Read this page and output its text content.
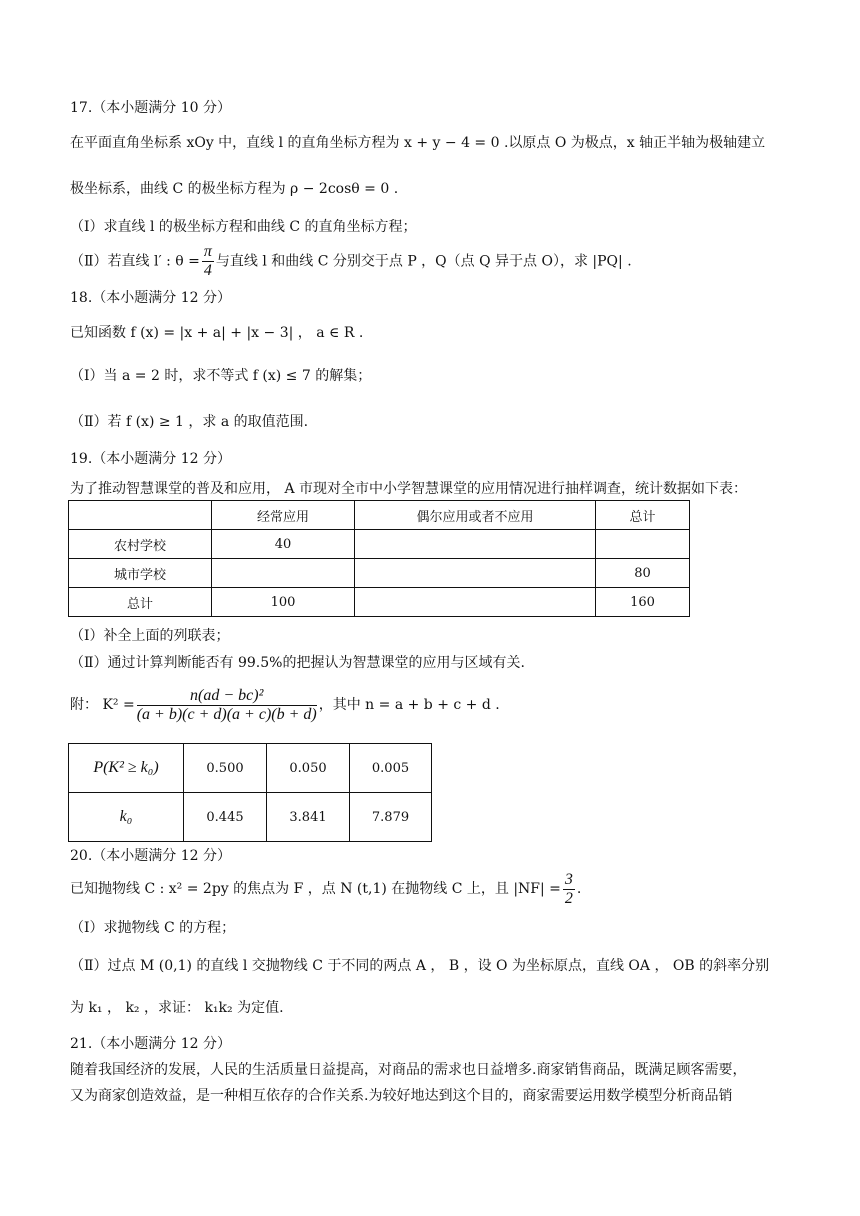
17.（本小题满分 10 分）
在平面直角坐标系 xOy 中，直线 l 的直角坐标方程为 x + y − 4 = 0 .以原点 O 为极点，x 轴正半轴为极轴建立
极坐标系，曲线 C 的极坐标方程为 ρ − 2cosθ = 0 .
（Ⅰ）求直线 l 的极坐标方程和曲线 C 的直角坐标方程；
（Ⅱ）若直线 l′ : $\theta = \frac{\pi}{4}$ 与直线 l 和曲线 C 分别交于点 P ，Q（点 Q 异于点 O），求 |PQ| .
18.（本小题满分 12 分）
已知函数 f (x) = |x + a| + |x − 3| ， a ∈ R .
（Ⅰ）当 a = 2 时，求不等式 f (x) ≤ 7 的解集；
（Ⅱ）若 f (x) ≥ 1 ，求 a 的取值范围.
19.（本小题满分 12 分）
为了推动智慧课堂的普及和应用， A 市现对全市中小学智慧课堂的应用情况进行抽样调查，统计数据如下表：
	经常应用	偶尔应用或者不应用	总计
农村学校	40		
城市学校			80
总计	100		160
（Ⅰ）补全上面的列联表；
（Ⅱ）通过计算判断能否有 99.5%的把握认为智慧课堂的应用与区域有关.
附： $K^2 = \frac{\text{n(ad − bc)²}}{(a + b)(c + d)(a + c)(b + d)}$ ，其中 n = a + b + c + d .
P(K² ≥ k₀)	0.500	0.050	0.005
k₀	0.445	3.841	7.879
20.（本小题满分 12 分）
已知抛物线 C : x² = 2py 的焦点为 F ，点 N (t,1) 在抛物线 C 上，且 $|NF| = \frac{3}{2}$ .
（Ⅰ）求抛物线 C 的方程；
（Ⅱ）过点 M (0,1) 的直线 l 交抛物线 C 于不同的两点 A ， B ，设 O 为坐标原点，直线 OA ， OB 的斜率分别
为 k₁ ， k₂ ，求证： k₁k₂ 为定值.
21.（本小题满分 12 分）
随着我国经济的发展，人民的生活质量日益提高，对商品的需求也日益增多.商家销售商品，既满足顾客需要，
又为商家创造效益，是一种相互依存的合作关系.为较好地达到这个目的，商家需要运用数学模型分析商品销
